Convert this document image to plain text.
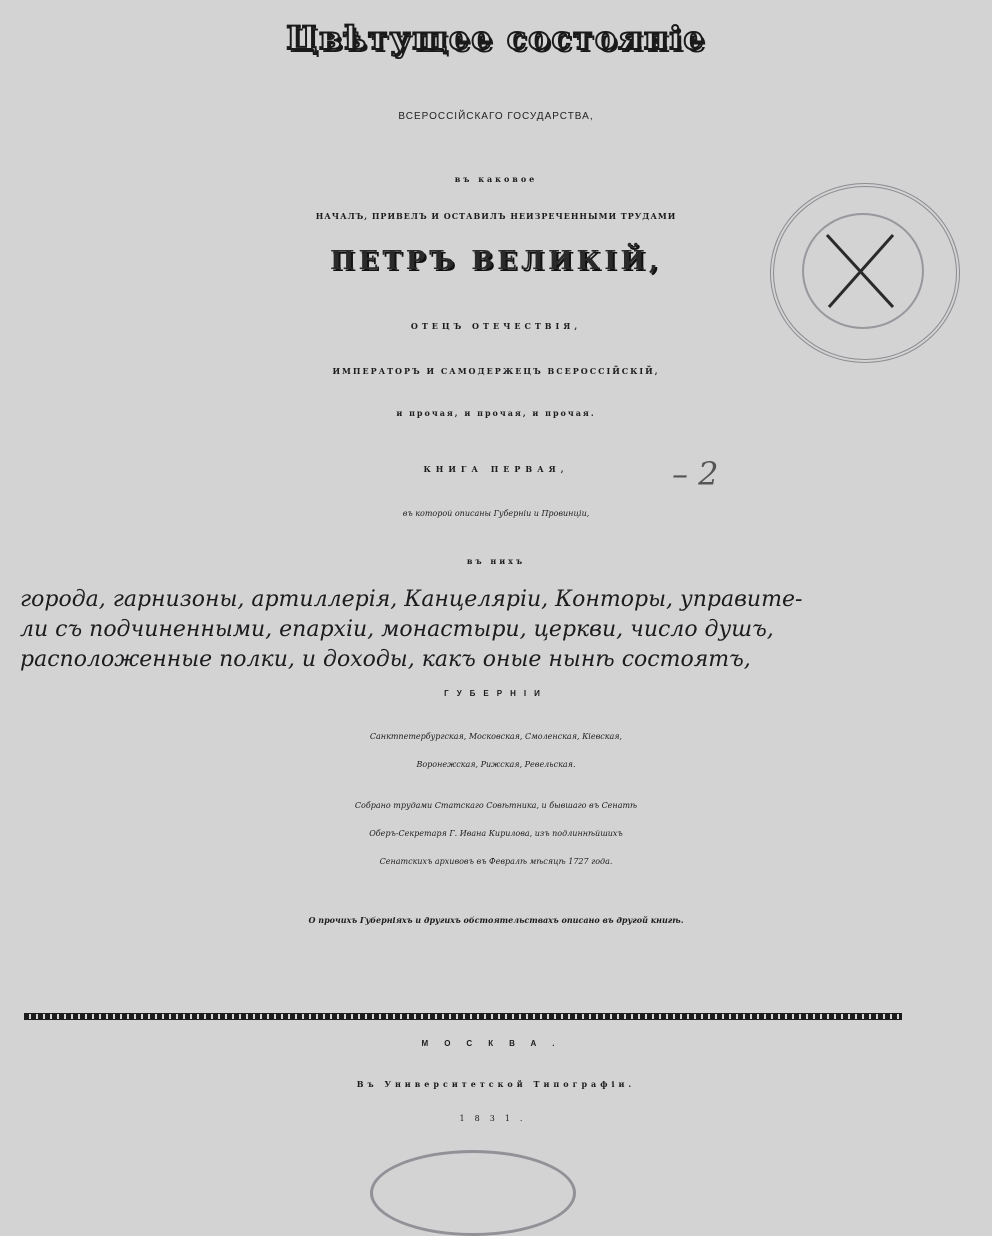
Цвѣтущее состояніе
ВСЕРОССІЙСКАГО ГОСУДАРСТВА,
въ каковое
НАЧАЛЪ, ПРИВЕЛЪ И ОСТАВИЛЪ НЕИЗРЕЧЕННЫМИ ТРУДАМИ
ПЕТРЪ ВЕЛИКІЙ,
ОТЕЦЪ ОТЕЧЕСТВІЯ,
ИМПЕРАТОРЪ И САМОДЕРЖЕЦЪ ВСЕРОССІЙСКІЙ,
и прочая, и прочая, и прочая.
КНИГА ПЕРВАЯ,	– 2
въ которой описаны Губерніи и Провинціи,
въ нихъ
города, гарнизоны, артиллерія, Канцеляріи, Конторы, управите-
ли съ подчиненными, епархіи, монастыри, церкви, число душъ,
расположенные полки, и доходы, какъ оные нынѣ состоятъ,
ГУБЕРНІИ
Санктпетербургская, Московская, Смоленская, Кіевская,
Воронежская, Рижская, Ревельская.
Собрано трудами Статскаго Совѣтника, и бывшаго въ Сенатѣ
Оберъ-Секретаря Г. Ивана Кирилова, изъ подлиннѣйшихъ
Сенатскихъ архивовъ въ Февралѣ мѣсяцѣ 1727 года.
О прочихъ Губерніяхъ и другихъ обстоятельствахъ описано въ другой книгѣ.
МОСКВА.
Въ Университетской Типографіи.
1831.
